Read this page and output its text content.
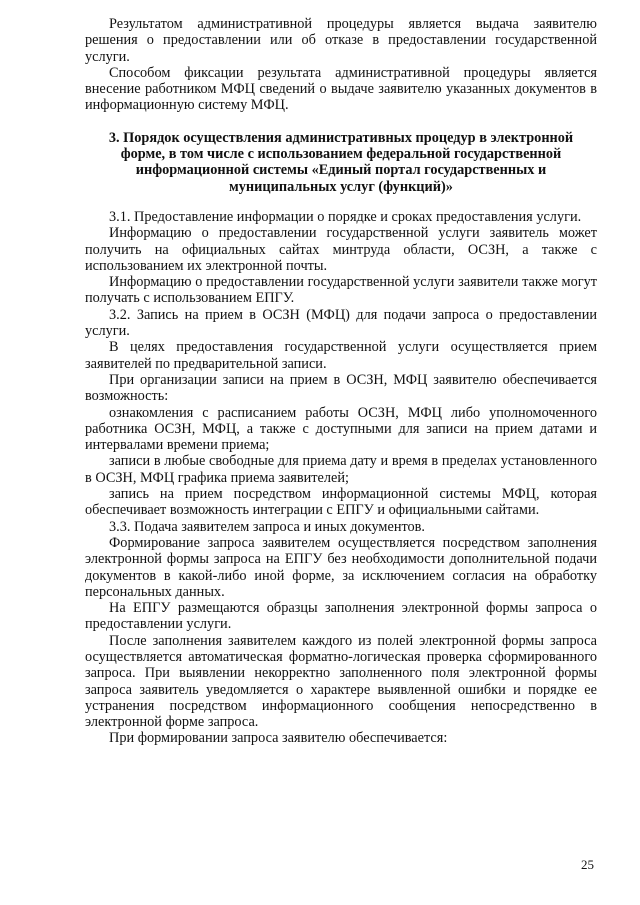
Результатом административной процедуры является выдача заявителю решения о предоставлении или об отказе в предоставлении государственной услуги.

Способом фиксации результата административной процедуры является внесение работником МФЦ сведений о выдаче заявителю указанных документов в информационную систему МФЦ.

3. Порядок осуществления административных процедур в электронной
форме, в том числе с использованием федеральной государственной
информационной системы «Единый портал государственных и
муниципальных услуг (функций)»

3.1. Предоставление информации о порядке и сроках предоставления услуги.

Информацию о предоставлении государственной услуги заявитель может получить на официальных сайтах минтруда области, ОСЗН, а также с использованием их электронной почты.

Информацию о предоставлении государственной услуги заявители также могут получать с использованием ЕПГУ.

3.2. Запись на прием в ОСЗН (МФЦ) для подачи запроса о предоставлении услуги.

В целях предоставления государственной услуги осуществляется прием заявителей по предварительной записи.

При организации записи на прием в ОСЗН, МФЦ заявителю обеспечивается возможность:

ознакомления с расписанием работы ОСЗН, МФЦ либо уполномоченного работника ОСЗН, МФЦ, а также с доступными для записи на прием датами и интервалами времени приема;

записи в любые свободные для приема дату и время в пределах установленного в ОСЗН, МФЦ графика приема заявителей;

запись на прием посредством информационной системы МФЦ, которая обеспечивает возможность интеграции с ЕПГУ и официальными сайтами.

3.3. Подача заявителем запроса и иных документов.

Формирование запроса заявителем осуществляется посредством заполнения электронной формы запроса на ЕПГУ без необходимости дополнительной подачи документов в какой-либо иной форме, за исключением согласия на обработку персональных данных.

На ЕПГУ размещаются образцы заполнения электронной формы запроса о предоставлении услуги.

После заполнения заявителем каждого из полей электронной формы запроса осуществляется автоматическая форматно-логическая проверка сформированного запроса. При выявлении некорректно заполненного поля электронной формы запроса заявитель уведомляется о характере выявленной ошибки и порядке ее устранения посредством информационного сообщения непосредственно в электронной форме запроса.

При формировании запроса заявителю обеспечивается:

25
